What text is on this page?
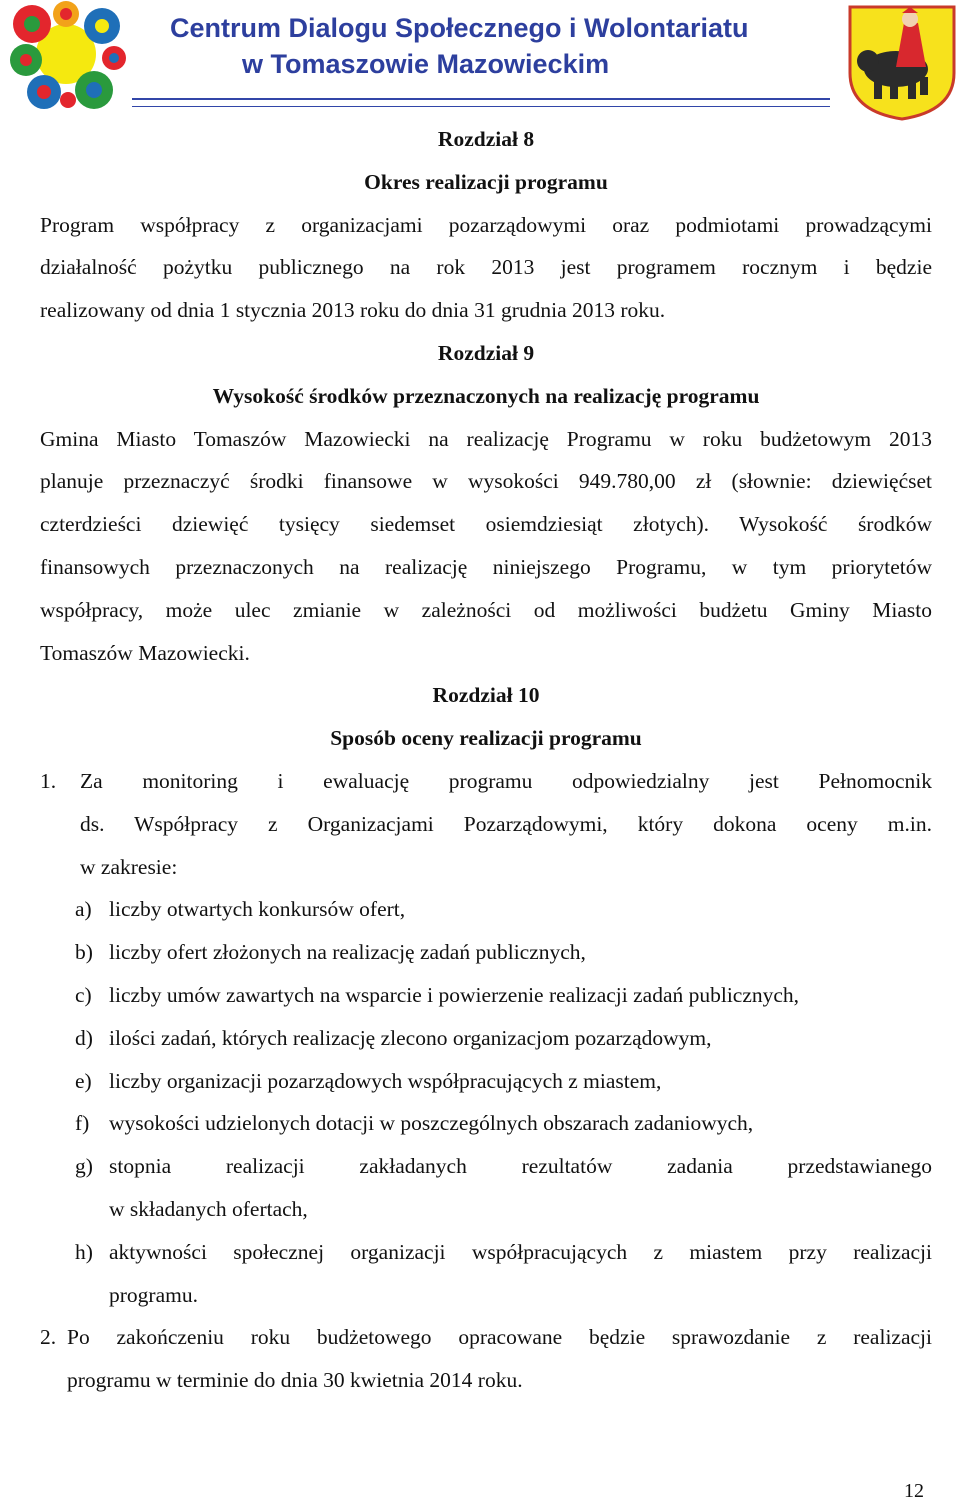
Centrum Dialogu Społecznego i Wolontariatu
w Tomaszowie Mazowieckim
Rozdział 8
Okres realizacji programu
Program współpracy z organizacjami pozarządowymi oraz podmiotami prowadzącymi
działalność pożytku publicznego na rok 2013 jest programem rocznym i będzie
realizowany od dnia 1 stycznia 2013 roku do dnia 31 grudnia 2013 roku.
Rozdział 9
Wysokość środków przeznaczonych na realizację programu
Gmina Miasto Tomaszów Mazowiecki na realizację Programu w roku budżetowym 2013
planuje przeznaczyć środki finansowe w wysokości 949.780,00 zł (słownie: dziewięćset
czterdzieści dziewięć tysięcy siedemset osiemdziesiąt złotych). Wysokość środków
finansowych przeznaczonych na realizację niniejszego Programu, w tym priorytetów
współpracy, może ulec zmianie w zależności od możliwości budżetu Gminy Miasto
Tomaszów Mazowiecki.
Rozdział 10
Sposób oceny realizacji programu
1.	Za monitoring i ewaluację programu odpowiedzialny jest Pełnomocnik
ds. Współpracy z Organizacjami Pozarządowymi, który dokona oceny m.in.
w zakresie:
a) liczby otwartych konkursów ofert,
b) liczby ofert złożonych na realizację zadań publicznych,
c) liczby umów zawartych na wsparcie i powierzenie realizacji zadań publicznych,
d) ilości zadań, których realizację zlecono organizacjom pozarządowym,
e) liczby organizacji pozarządowych współpracujących z miastem,
f) wysokości udzielonych dotacji w poszczególnych obszarach zadaniowych,
g) stopnia realizacji zakładanych rezultatów zadania przedstawianego
w składanych ofertach,
h) aktywności społecznej organizacji współpracujących z miastem przy realizacji
programu.
2. Po zakończeniu roku budżetowego opracowane będzie sprawozdanie z realizacji
programu w terminie do dnia 30 kwietnia 2014 roku.
12
